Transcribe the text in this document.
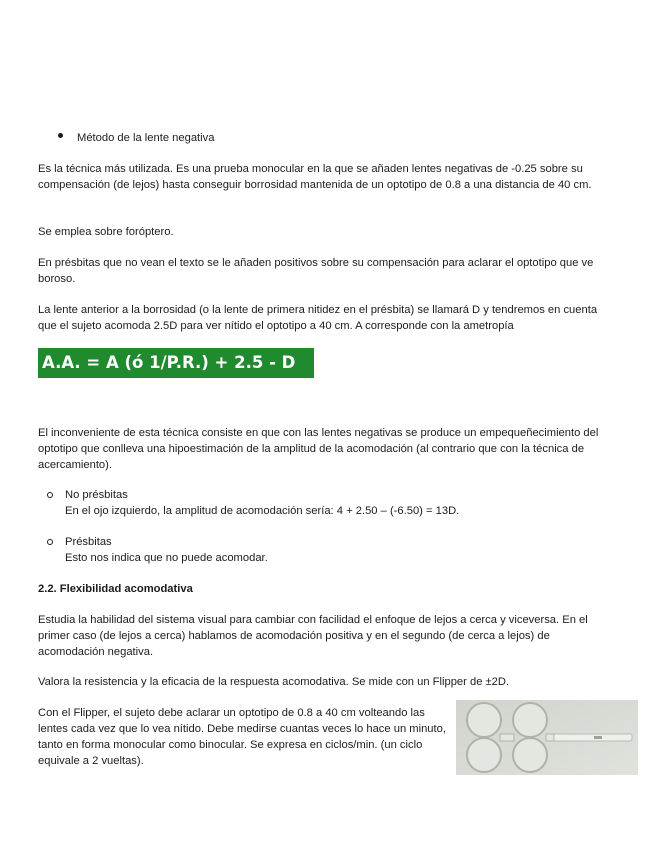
Método de la lente negativa

Es la técnica más utilizada. Es una prueba monocular en la que se añaden lentes negativas de -0.25 sobre su compensación (de lejos) hasta conseguir borrosidad mantenida de un optotipo de 0.8 a una distancia de 40 cm.

Se emplea sobre foróptero.

En présbitas que no vean el texto se le añaden positivos sobre su compensación para aclarar el optotipo que ve boroso.

La lente anterior a la borrosidad (o la lente de primera nitidez en el présbita) se llamará D y tendremos en cuenta que el sujeto acomoda 2.5D para ver nítido el optotipo a 40 cm. A corresponde con la ametropía

A.A. = A (ó 1/P.R.) + 2.5 - D

El inconveniente de esta técnica consiste en que con las lentes negativas se produce un empequeñecimiento del optotipo que conlleva una hipoestimación de la amplitud de la acomodación (al contrario que con la técnica de acercamiento).

No présbitas

En el ojo izquierdo, la amplitud de acomodación sería: 4 + 2.50 – (-6.50) = 13D.

Présbitas

Esto nos indica que no puede acomodar.

2.2. Flexibilidad acomodativa

Estudia la habilidad del sistema visual para cambiar con facilidad el enfoque de lejos a cerca y viceversa. En el primer caso (de lejos a cerca) hablamos de acomodación positiva y en el segundo (de cerca a lejos) de acomodación negativa.

Valora la resistencia y la eficacia de la respuesta acomodativa. Se mide con un Flipper de ±2D.

Con el Flipper, el sujeto debe aclarar un optotipo de 0.8 a 40 cm volteando las lentes cada vez que lo vea nítido. Debe medirse cuantas veces lo hace un minuto, tanto en forma monocular como binocular. Se expresa en ciclos/min. (un ciclo equivale a 2 vueltas).
